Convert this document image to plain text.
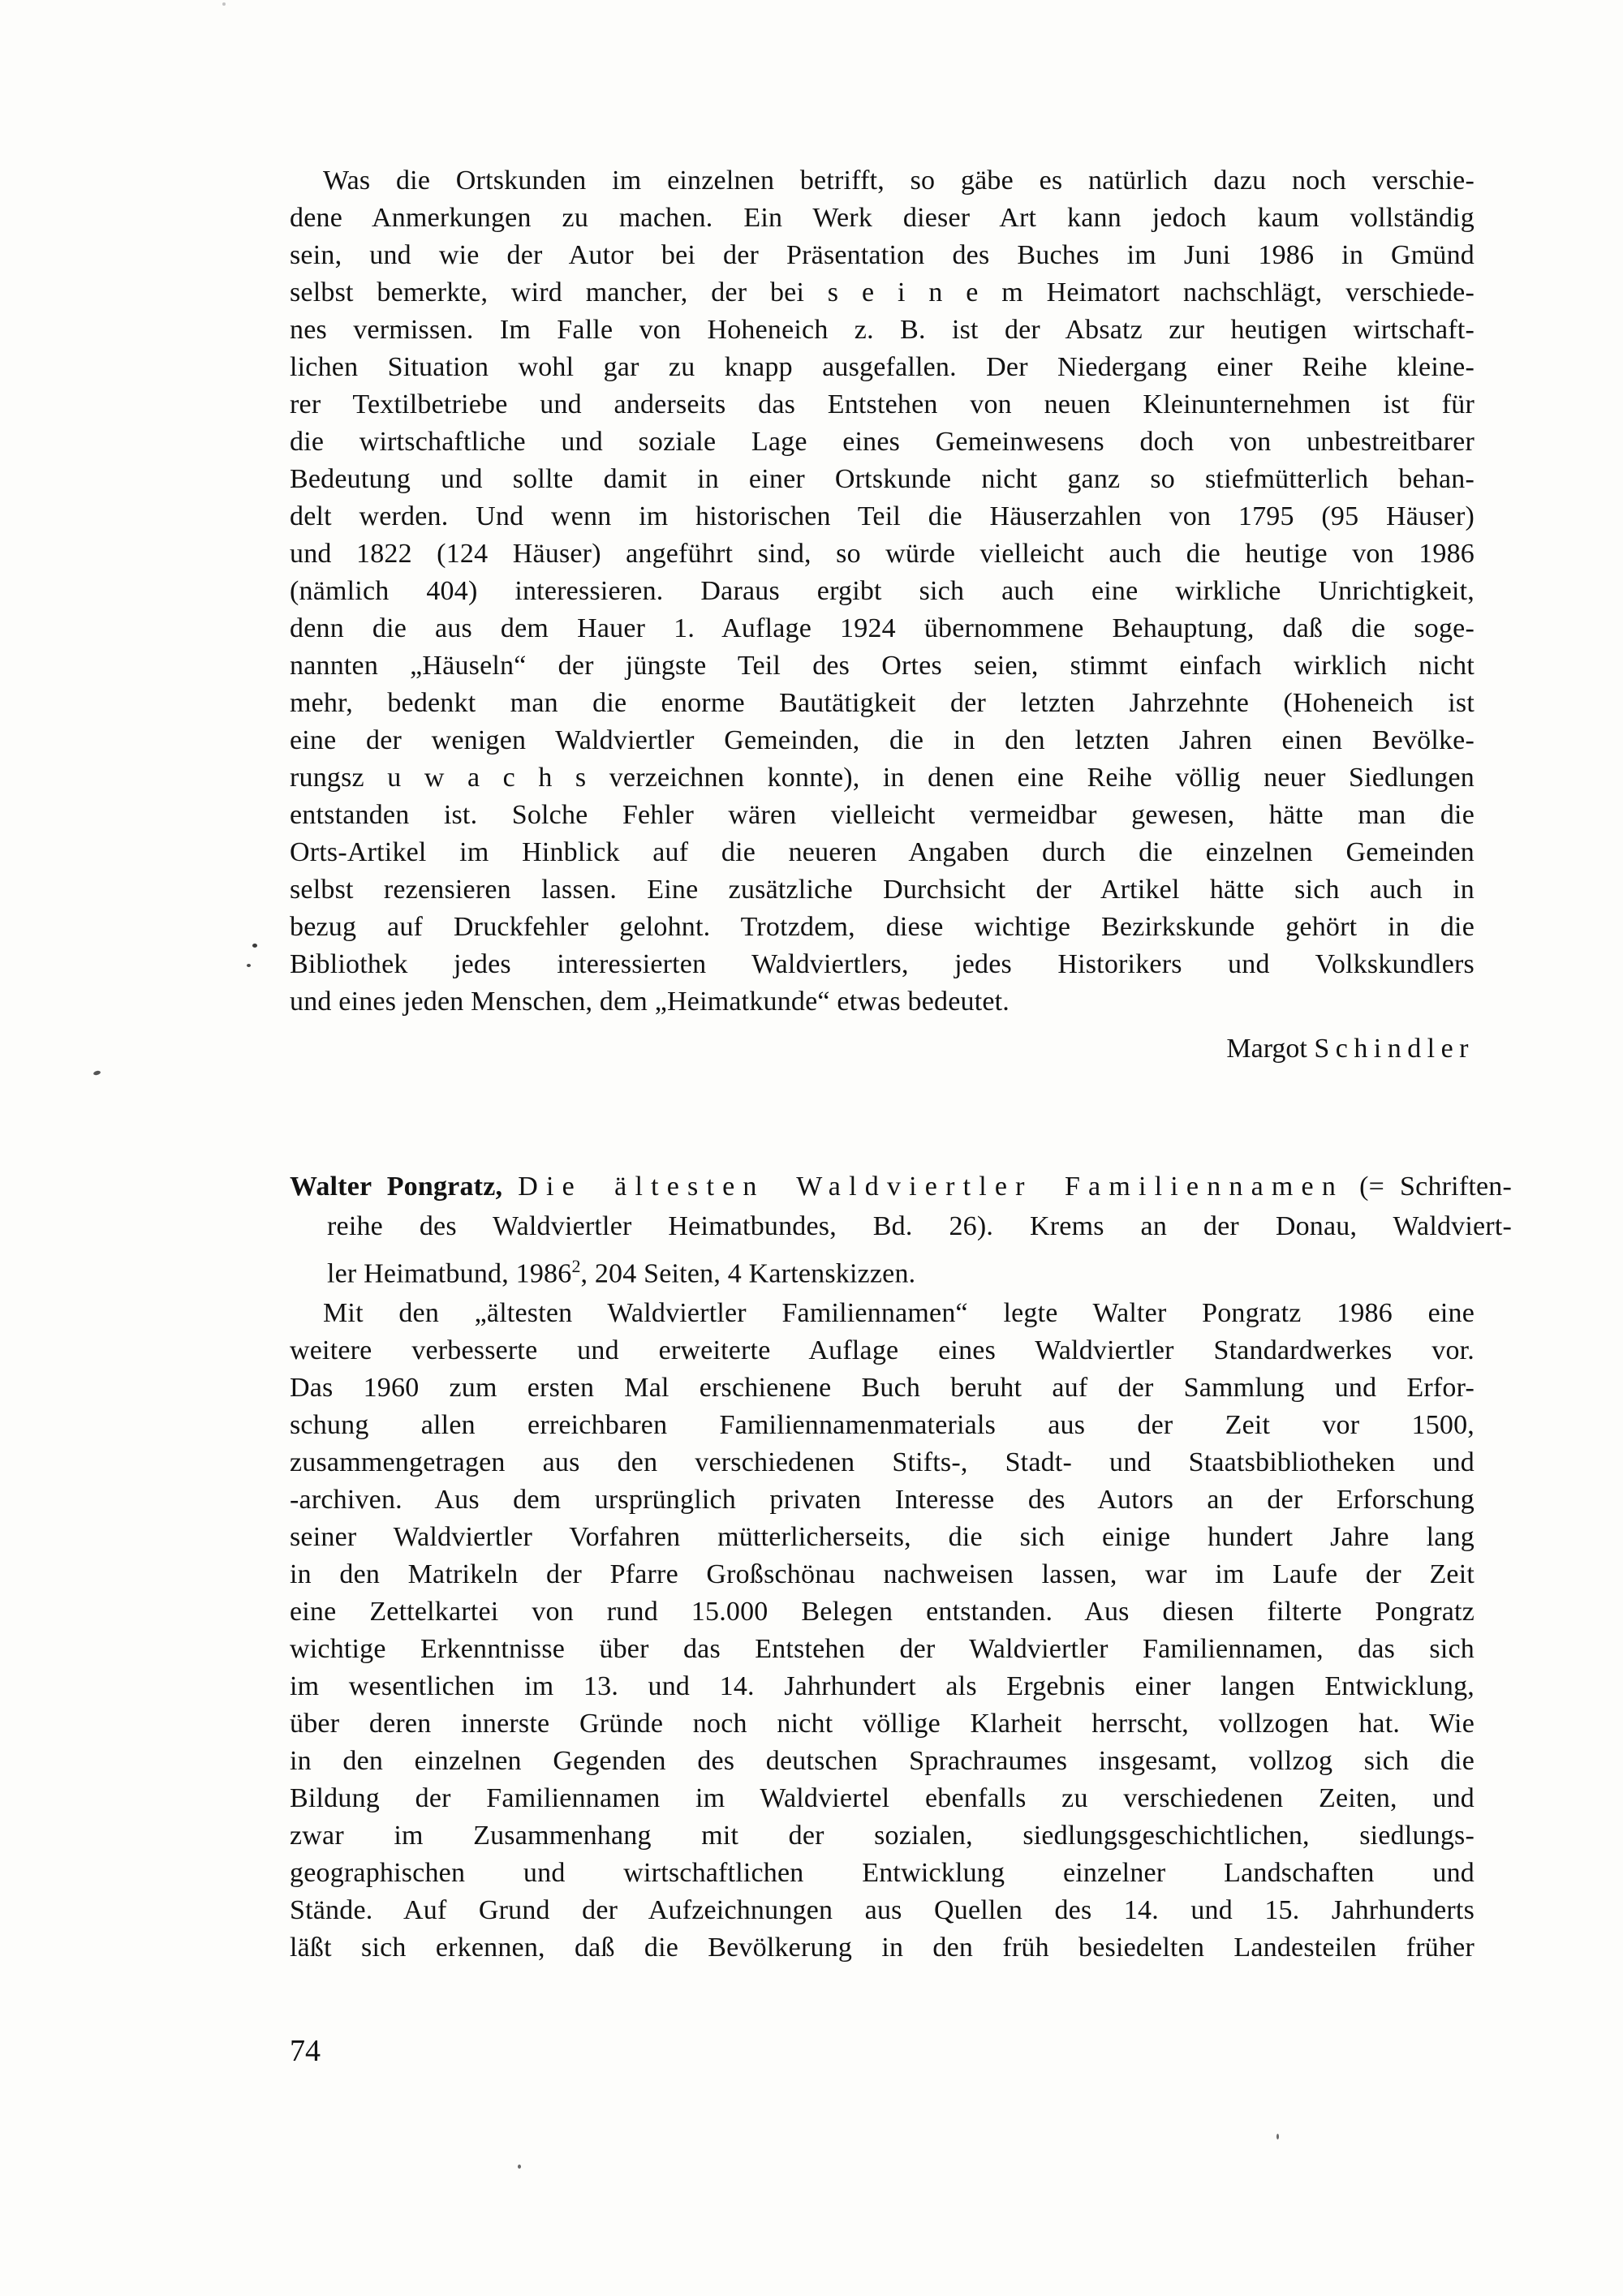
Was die Ortskunden im einzelnen betrifft, so gäbe es natürlich dazu noch verschie-
dene Anmerkungen zu machen. Ein Werk dieser Art kann jedoch kaum vollständig
sein, und wie der Autor bei der Präsentation des Buches im Juni 1986 in Gmünd
selbst bemerkte, wird mancher, der bei s e i n e m Heimatort nachschlägt, verschiede-
nes vermissen. Im Falle von Hoheneich z. B. ist der Absatz zur heutigen wirtschaft-
lichen Situation wohl gar zu knapp ausgefallen. Der Niedergang einer Reihe kleine-
rer Textilbetriebe und anderseits das Entstehen von neuen Kleinunternehmen ist für
die wirtschaftliche und soziale Lage eines Gemeinwesens doch von unbestreitbarer
Bedeutung und sollte damit in einer Ortskunde nicht ganz so stiefmütterlich behan-
delt werden. Und wenn im historischen Teil die Häuserzahlen von 1795 (95 Häuser)
und 1822 (124 Häuser) angeführt sind, so würde vielleicht auch die heutige von 1986
(nämlich 404) interessieren. Daraus ergibt sich auch eine wirkliche Unrichtigkeit,
denn die aus dem Hauer 1. Auflage 1924 übernommene Behauptung, daß die soge-
nannten „Häuseln“ der jüngste Teil des Ortes seien, stimmt einfach wirklich nicht
mehr, bedenkt man die enorme Bautätigkeit der letzten Jahrzehnte (Hoheneich ist
eine der wenigen Waldviertler Gemeinden, die in den letzten Jahren einen Bevölke-
rungsz u w a c h s verzeichnen konnte), in denen eine Reihe völlig neuer Siedlungen
entstanden ist. Solche Fehler wären vielleicht vermeidbar gewesen, hätte man die
Orts-Artikel im Hinblick auf die neueren Angaben durch die einzelnen Gemeinden
selbst rezensieren lassen. Eine zusätzliche Durchsicht der Artikel hätte sich auch in
bezug auf Druckfehler gelohnt. Trotzdem, diese wichtige Bezirkskunde gehört in die
Bibliothek jedes interessierten Waldviertlers, jedes Historikers und Volkskundlers
und eines jeden Menschen, dem „Heimatkunde“ etwas bedeutet.
Margot Schindler
Walter Pongratz, Die ältesten Waldviertler Familiennamen (= Schriften-
reihe des Waldviertler Heimatbundes, Bd. 26). Krems an der Donau, Waldviert-
ler Heimatbund, 1986$^2$, 204 Seiten, 4 Kartenskizzen.
Mit den „ältesten Waldviertler Familiennamen“ legte Walter Pongratz 1986 eine
weitere verbesserte und erweiterte Auflage eines Waldviertler Standardwerkes vor.
Das 1960 zum ersten Mal erschienene Buch beruht auf der Sammlung und Erfor-
schung allen erreichbaren Familiennamenmaterials aus der Zeit vor 1500,
zusammengetragen aus den verschiedenen Stifts-, Stadt- und Staatsbibliotheken und
-archiven. Aus dem ursprünglich privaten Interesse des Autors an der Erforschung
seiner Waldviertler Vorfahren mütterlicherseits, die sich einige hundert Jahre lang
in den Matrikeln der Pfarre Großschönau nachweisen lassen, war im Laufe der Zeit
eine Zettelkartei von rund 15.000 Belegen entstanden. Aus diesen filterte Pongratz
wichtige Erkenntnisse über das Entstehen der Waldviertler Familiennamen, das sich
im wesentlichen im 13. und 14. Jahrhundert als Ergebnis einer langen Entwicklung,
über deren innerste Gründe noch nicht völlige Klarheit herrscht, vollzogen hat. Wie
in den einzelnen Gegenden des deutschen Sprachraumes insgesamt, vollzog sich die
Bildung der Familiennamen im Waldviertel ebenfalls zu verschiedenen Zeiten, und
zwar im Zusammenhang mit der sozialen, siedlungsgeschichtlichen, siedlungs-
geographischen und wirtschaftlichen Entwicklung einzelner Landschaften und
Stände. Auf Grund der Aufzeichnungen aus Quellen des 14. und 15. Jahrhunderts
läßt sich erkennen, daß die Bevölkerung in den früh besiedelten Landesteilen früher
74
